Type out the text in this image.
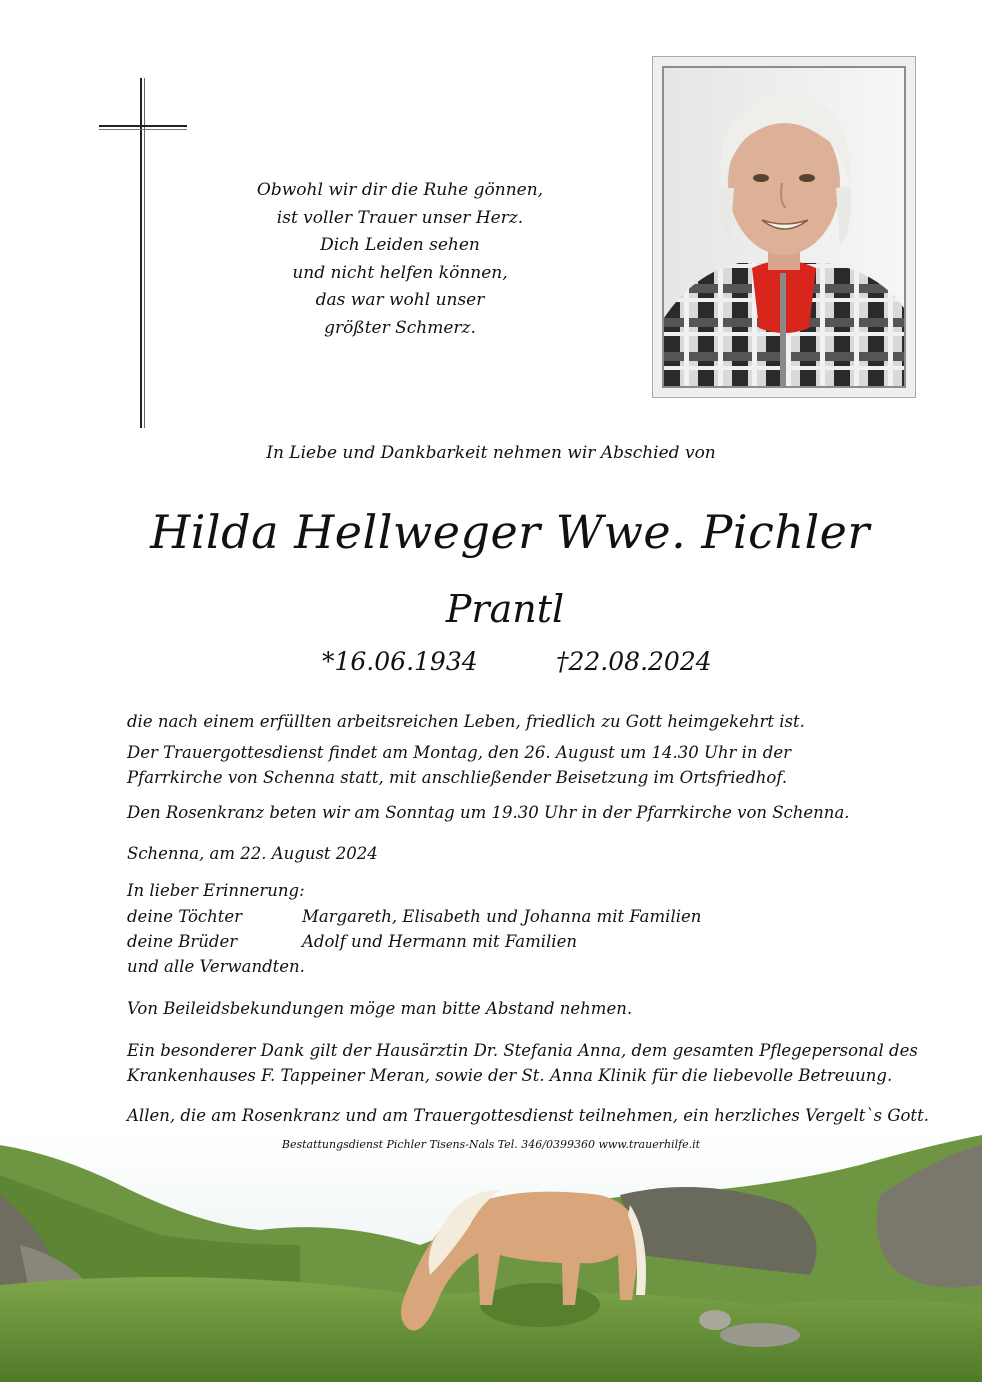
Obwohl wir dir die Ruhe gönnen,
ist voller Trauer unser Herz.
Dich Leiden sehen
und nicht helfen können,
das war wohl unser
größter Schmerz.
In Liebe und Dankbarkeit nehmen wir Abschied von
Hilda Hellweger Wwe. Pichler
Prantl
*16.06.1934	†22.08.2024
die nach einem erfüllten arbeitsreichen Leben, friedlich zu Gott heimgekehrt ist.
Der Trauergottesdienst findet am Montag, den 26. August um 14.30 Uhr in der
Pfarrkirche von Schenna statt, mit anschließender Beisetzung im Ortsfriedhof.
Den Rosenkranz beten wir am Sonntag um 19.30 Uhr in der Pfarrkirche von Schenna.
Schenna, am 22. August 2024
In lieber Erinnerung:
deine Töchter	Margareth, Elisabeth und Johanna mit Familien
deine Brüder	Adolf und Hermann mit Familien
und alle Verwandten.
Von Beileidsbekundungen möge man bitte Abstand nehmen.
Ein besonderer Dank gilt der Hausärztin Dr. Stefania Anna, dem gesamten Pflegepersonal des
Krankenhauses F. Tappeiner Meran, sowie der St. Anna Klinik für die liebevolle Betreuung.
Allen, die am Rosenkranz und am Trauergottesdienst teilnehmen, ein herzliches Vergelt`s Gott.
Bestattungsdienst Pichler Tisens-Nals Tel. 346/0399360 www.trauerhilfe.it
